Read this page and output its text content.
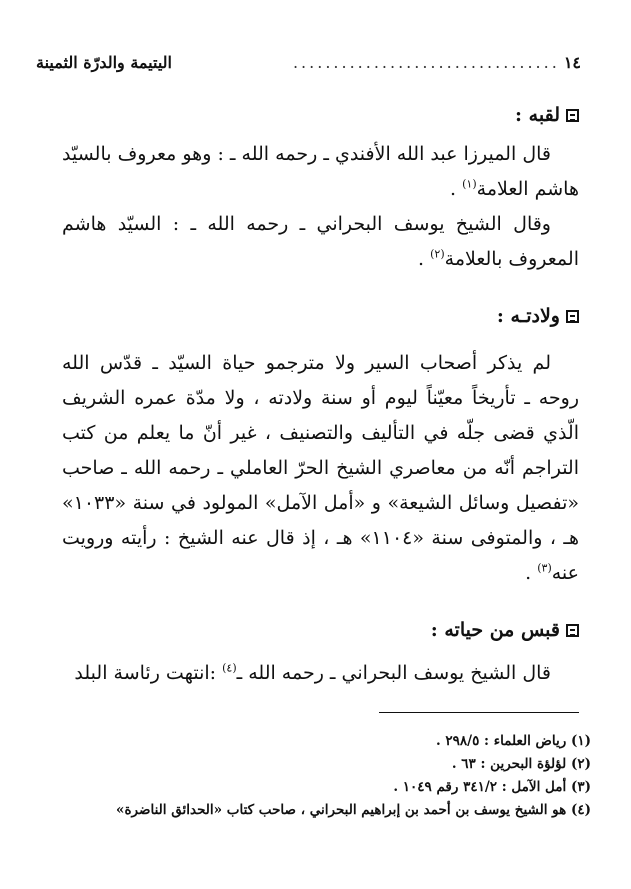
١٤
.................................
اليتيمة والدرّة الثمينة
لقبه :

قال الميرزا عبد الله الأفندي ـ رحمه الله ـ : وهو معروف بالسيّد هاشم العلامة$^{(١)}$ .

وقال الشيخ يوسف البحراني ـ رحمه الله ـ : السيّد هاشم المعروف بالعلامة$^{(٢)}$ .

ولادتـه :

لم يذكر أصحاب السير ولا مترجمو حياة السيّد ـ قدّس الله روحه ـ تأريخاً معيّناً ليوم أو سنة ولادته ، ولا مدّة عمره الشريف الّذي قضى جلّه في التأليف والتصنيف ، غير أنّ ما يعلم من كتب التراجم أنّه من معاصري الشيخ الحرّ العاملي ـ رحمه الله ـ صاحب «تفصيل وسائل الشيعة» و «أمل الآمل» المولود في سنة «١٠٣٣» هـ ، والمتوفى سنة «١١٠٤» هـ ، إذ قال عنه الشيخ : رأيته ورويت عنه$^{(٣)}$ .

قبس من حياته :

قال الشيخ يوسف البحراني ـ رحمه الله ـ$^{(٤)}$ :انتهت رئاسة البلد

(١) رياض العلماء : ٢٩٨/٥ .
(٢) لؤلؤة البحرين : ٦٣ .
(٣) أمل الآمل : ٣٤١/٢ رقم ١٠٤٩ .
(٤) هو الشيخ يوسف بن أحمد بن إبراهيم البحراني ، صاحب كتاب «الحدائق الناضرة»
